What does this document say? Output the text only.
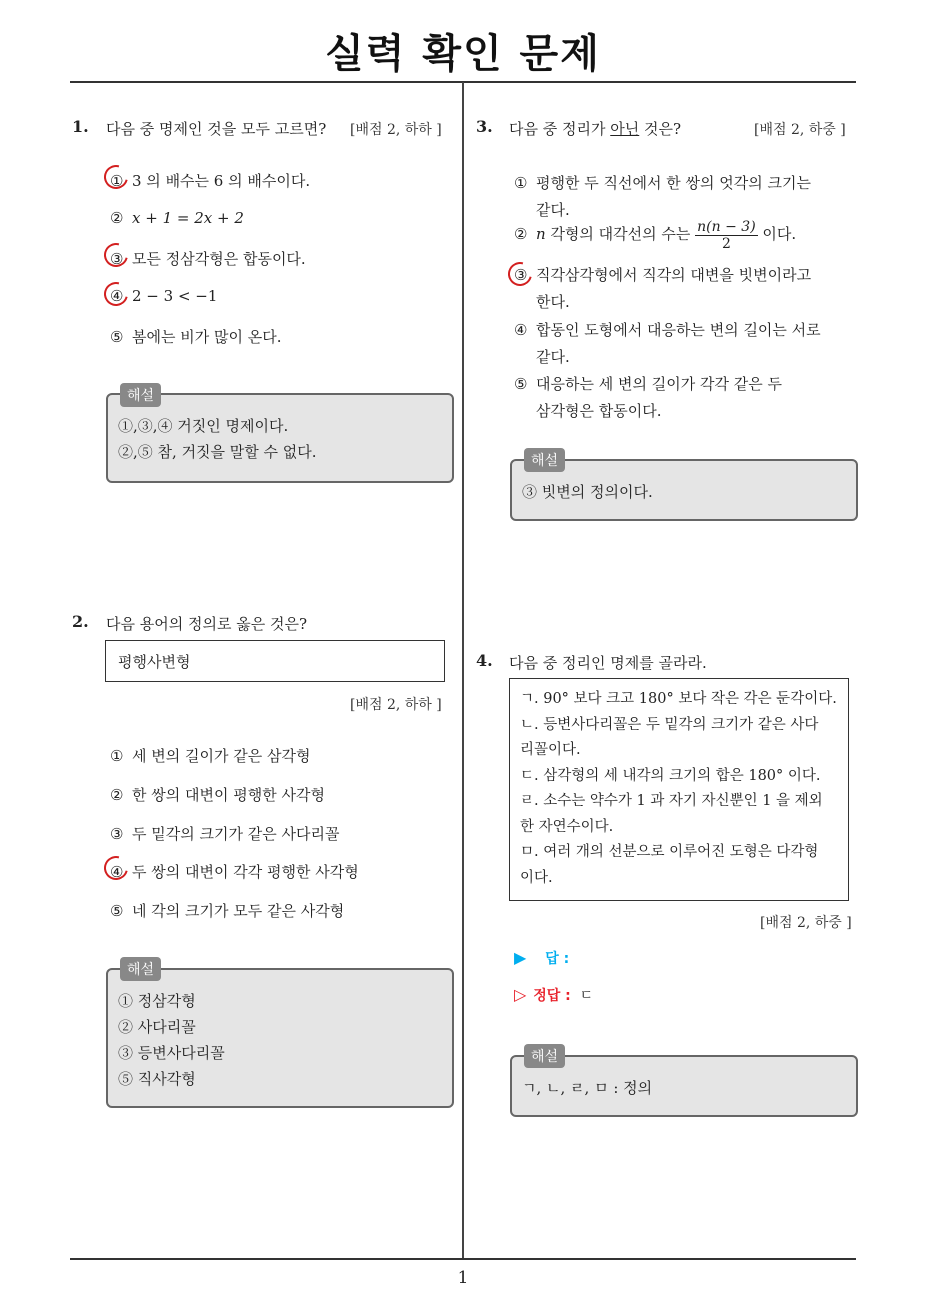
실력 확인 문제
1
1. 다음 중 명제인 것을 모두 고르면? [배점 2, 하하 ]
① 3 의 배수는 6 의 배수이다.
② x + 1 = 2x + 2
③ 모든 정삼각형은 합동이다.
④ 2 − 3 < −1
⑤ 봄에는 비가 많이 온다.
해설
①,③,④ 거짓인 명제이다.
②,⑤ 참, 거짓을 말할 수 없다.
2. 다음 용어의 정의로 옳은 것은?
평행사변형
[배점 2, 하하 ]
① 세 변의 길이가 같은 삼각형
② 한 쌍의 대변이 평행한 사각형
③ 두 밑각의 크기가 같은 사다리꼴
④ 두 쌍의 대변이 각각 평행한 사각형
⑤ 네 각의 크기가 모두 같은 사각형
해설
① 정삼각형
② 사다리꼴
③ 등변사다리꼴
⑤ 직사각형
3. 다음 중 정리가 아닌 것은?	[배점 2, 하중 ]
① 평행한 두 직선에서 한 쌍의 엇각의 크기는
같다.
② n 각형의 대각선의 수는 $\frac{n(n - 3)}{2}$ 이다.
③ 직각삼각형에서 직각의 대변을 빗변이라고
한다.
④ 합동인 도형에서 대응하는 변의 길이는 서로
같다.
⑤ 대응하는 세 변의 길이가 각각 같은 두
삼각형은 합동이다.
해설
③ 빗변의 정의이다.
4. 다음 중 정리인 명제를 골라라.
ㄱ. 90° 보다 크고 180° 보다 작은 각은 둔각이다.
ㄴ. 등변사다리꼴은 두 밑각의 크기가 같은 사다
리꼴이다.
ㄷ. 삼각형의 세 내각의 크기의 합은 180° 이다.
ㄹ. 소수는 약수가 1 과 자기 자신뿐인 1 을 제외
한 자연수이다.
ㅁ. 여러 개의 선분으로 이루어진 도형은 다각형
이다.
[배점 2, 하중 ]
▶ 답 :
▷ 정답 : ㄷ
해설
ㄱ, ㄴ, ㄹ, ㅁ : 정의
